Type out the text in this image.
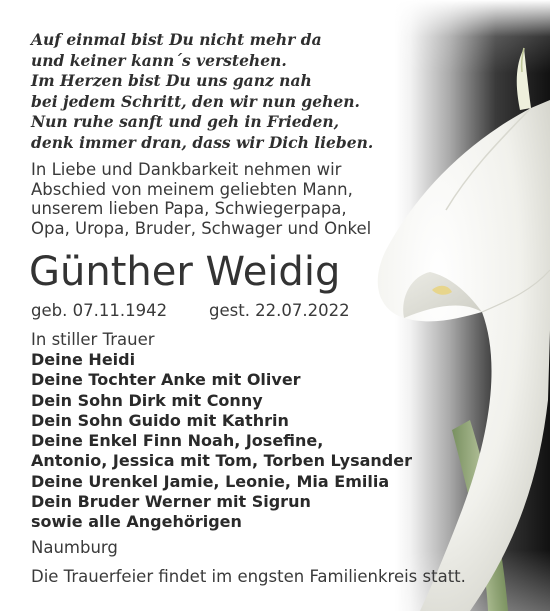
Auf einmal bist Du nicht mehr da
und keiner kann´s verstehen.
Im Herzen bist Du uns ganz nah
bei jedem Schritt, den wir nun gehen.
Nun ruhe sanft und geh in Frieden,
denk immer dran, dass wir Dich lieben.
In Liebe und Dankbarkeit nehmen wir
Abschied von meinem geliebten Mann,
unserem lieben Papa, Schwiegerpapa,
Opa, Uropa, Bruder, Schwager und Onkel
Günther Weidig
geb. 07.11.1942	gest. 22.07.2022
In stiller Trauer
Deine Heidi
Deine Tochter Anke mit Oliver
Dein Sohn Dirk mit Conny
Dein Sohn Guido mit Kathrin
Deine Enkel Finn Noah, Josefine,
Antonio, Jessica mit Tom, Torben Lysander
Deine Urenkel Jamie, Leonie, Mia Emilia
Dein Bruder Werner mit Sigrun
sowie alle Angehörigen
Naumburg
Die Trauerfeier findet im engsten Familienkreis statt.
